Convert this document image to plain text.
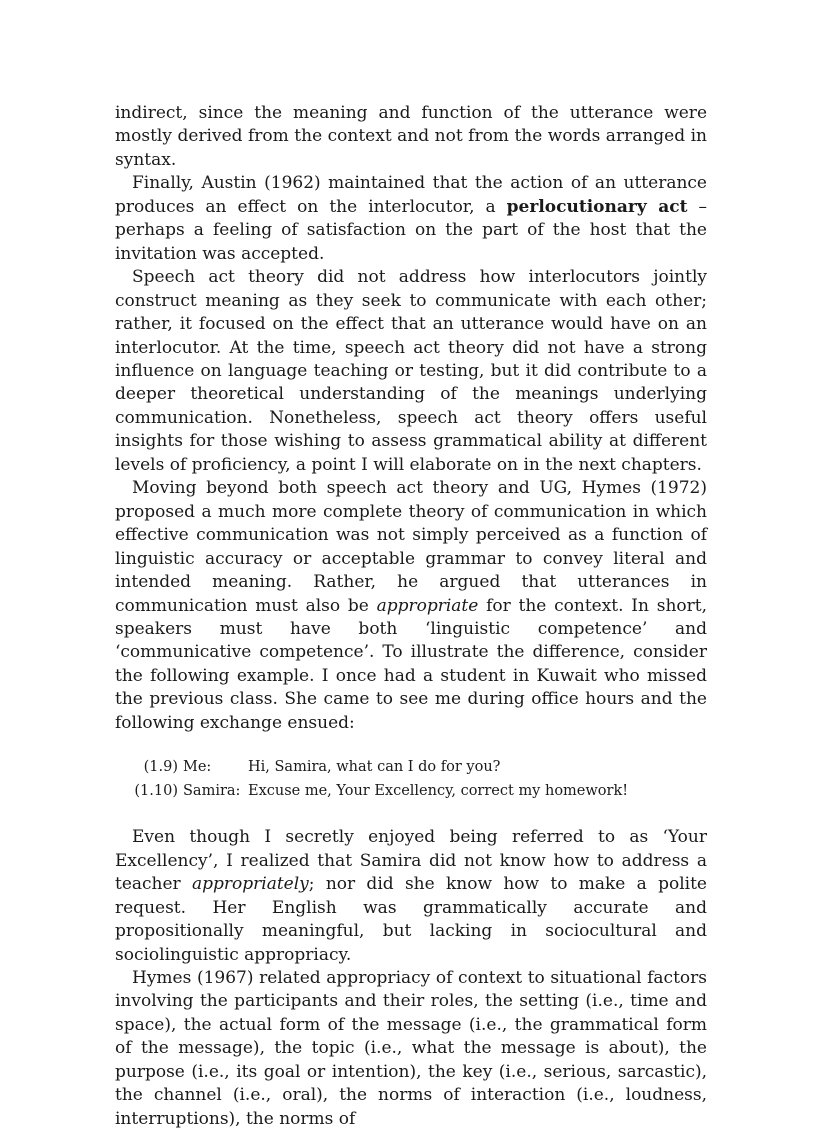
indirect, since the meaning and function of the utterance were mostly derived from the context and not from the words arranged in syntax.

Finally, Austin (1962) maintained that the action of an utterance produces an effect on the interlocutor, a perlocutionary act – perhaps a feeling of satisfaction on the part of the host that the invitation was accepted.

Speech act theory did not address how interlocutors jointly construct meaning as they seek to communicate with each other; rather, it focused on the effect that an utterance would have on an interlocutor. At the time, speech act theory did not have a strong influence on language teaching or testing, but it did contribute to a deeper theoretical understanding of the meanings underlying communication. Nonetheless, speech act theory offers useful insights for those wishing to assess grammatical ability at different levels of proficiency, a point I will elaborate on in the next chapters.

Moving beyond both speech act theory and UG, Hymes (1972) proposed a much more complete theory of communication in which effective communication was not simply perceived as a function of linguistic accuracy or acceptable grammar to convey literal and intended meaning. Rather, he argued that utterances in communication must also be appropriate for the context. In short, speakers must have both ‘linguistic competence’ and ‘communicative competence’. To illustrate the difference, consider the following example. I once had a student in Kuwait who missed the previous class. She came to see me during office hours and the following exchange ensued:

(1.9) Me:	Hi, Samira, what can I do for you?
(1.10) Samira: Excuse me, Your Excellency, correct my homework!

Even though I secretly enjoyed being referred to as ‘Your Excellency’, I realized that Samira did not know how to address a teacher appropriately; nor did she know how to make a polite request. Her English was grammatically accurate and propositionally meaningful, but lacking in sociocultural and sociolinguistic appropriacy.

Hymes (1967) related appropriacy of context to situational factors involving the participants and their roles, the setting (i.e., time and space), the actual form of the message (i.e., the grammatical form of the message), the topic (i.e., what the message is about), the purpose (i.e., its goal or intention), the key (i.e., serious, sarcastic), the channel (i.e., oral), the norms of interaction (i.e., loudness, interruptions), the norms of
